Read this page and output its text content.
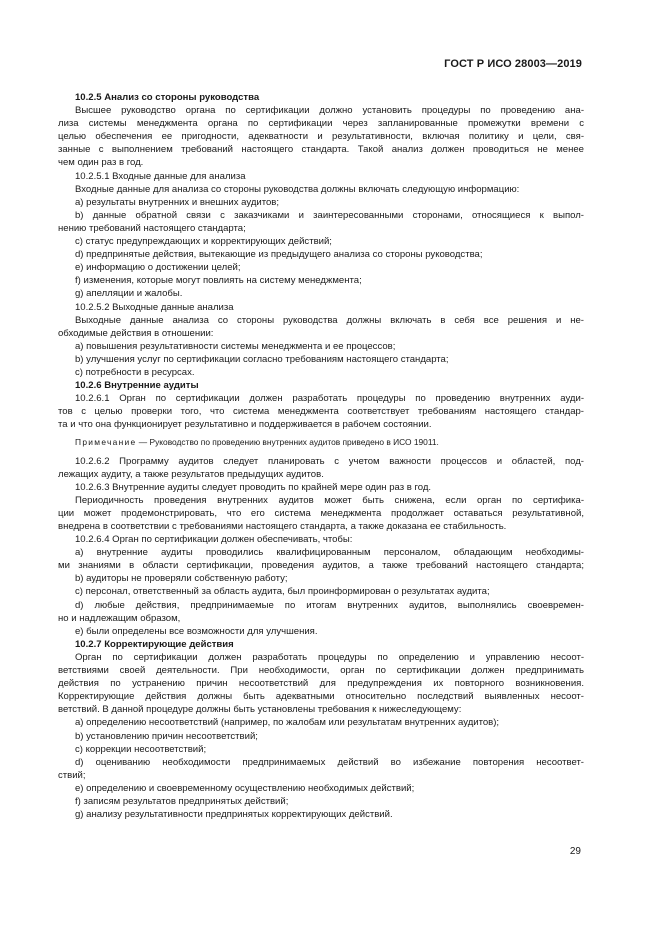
ГОСТ Р ИСО 28003—2019
10.2.5 Анализ со стороны руководства
Высшее руководство органа по сертификации должно установить процедуры по проведению ана-
лиза системы менеджмента органа по сертификации через запланированные промежутки времени с
целью обеспечения ее пригодности, адекватности и результативности, включая политику и цели, свя-
занные с выполнением требований настоящего стандарта. Такой анализ должен проводиться не менее
чем один раз в год.
10.2.5.1 Входные данные для анализа
Входные данные для анализа со стороны руководства должны включать следующую информацию:
a) результаты внутренних и внешних аудитов;
b) данные обратной связи с заказчиками и заинтересованными сторонами, относящиеся к выпол-
нению требований настоящего стандарта;
c) статус предупреждающих и корректирующих действий;
d) предпринятые действия, вытекающие из предыдущего анализа со стороны руководства;
e) информацию о достижении целей;
f) изменения, которые могут повлиять на систему менеджмента;
g) апелляции и жалобы.
10.2.5.2 Выходные данные анализа
Выходные данные анализа со стороны руководства должны включать в себя все решения и не-
обходимые действия в отношении:
a) повышения результативности системы менеджмента и ее процессов;
b) улучшения услуг по сертификации согласно требованиям настоящего стандарта;
c) потребности в ресурсах.
10.2.6 Внутренние аудиты
10.2.6.1 Орган по сертификации должен разработать процедуры по проведению внутренних ауди-
тов с целью проверки того, что система менеджмента соответствует требованиям настоящего стандар-
та и что она функционирует результативно и поддерживается в рабочем состоянии.
Примечание — Руководство по проведению внутренних аудитов приведено в ИСО 19011.
10.2.6.2 Программу аудитов следует планировать с учетом важности процессов и областей, под-
лежащих аудиту, а также результатов предыдущих аудитов.
10.2.6.3 Внутренние аудиты следует проводить по крайней мере один раз в год.
Периодичность проведения внутренних аудитов может быть снижена, если орган по сертифика-
ции может продемонстрировать, что его система менеджмента продолжает оставаться результативной,
внедрена в соответствии с требованиями настоящего стандарта, а также доказана ее стабильность.
10.2.6.4 Орган по сертификации должен обеспечивать, чтобы:
a) внутренние аудиты проводились квалифицированным персоналом, обладающим необходимы-
ми знаниями в области сертификации, проведения аудитов, а также требований настоящего стандарта;
b) аудиторы не проверяли собственную работу;
c) персонал, ответственный за область аудита, был проинформирован о результатах аудита;
d) любые действия, предпринимаемые по итогам внутренних аудитов, выполнялись своевремен-
но и надлежащим образом,
e) были определены все возможности для улучшения.
10.2.7 Корректирующие действия
Орган по сертификации должен разработать процедуры по определению и управлению несоот-
ветствиями своей деятельности. При необходимости, орган по сертификации должен предпринимать
действия по устранению причин несоответствий для предупреждения их повторного возникновения.
Корректирующие действия должны быть адекватными относительно последствий выявленных несоот-
ветствий. В данной процедуре должны быть установлены требования к нижеследующему:
a) определению несоответствий (например, по жалобам или результатам внутренних аудитов);
b) установлению причин несоответствий;
c) коррекции несоответствий;
d) оцениванию необходимости предпринимаемых действий во избежание повторения несоответ-
ствий;
e) определению и своевременному осуществлению необходимых действий;
f) записям результатов предпринятых действий;
g) анализу результативности предпринятых корректирующих действий.
29
